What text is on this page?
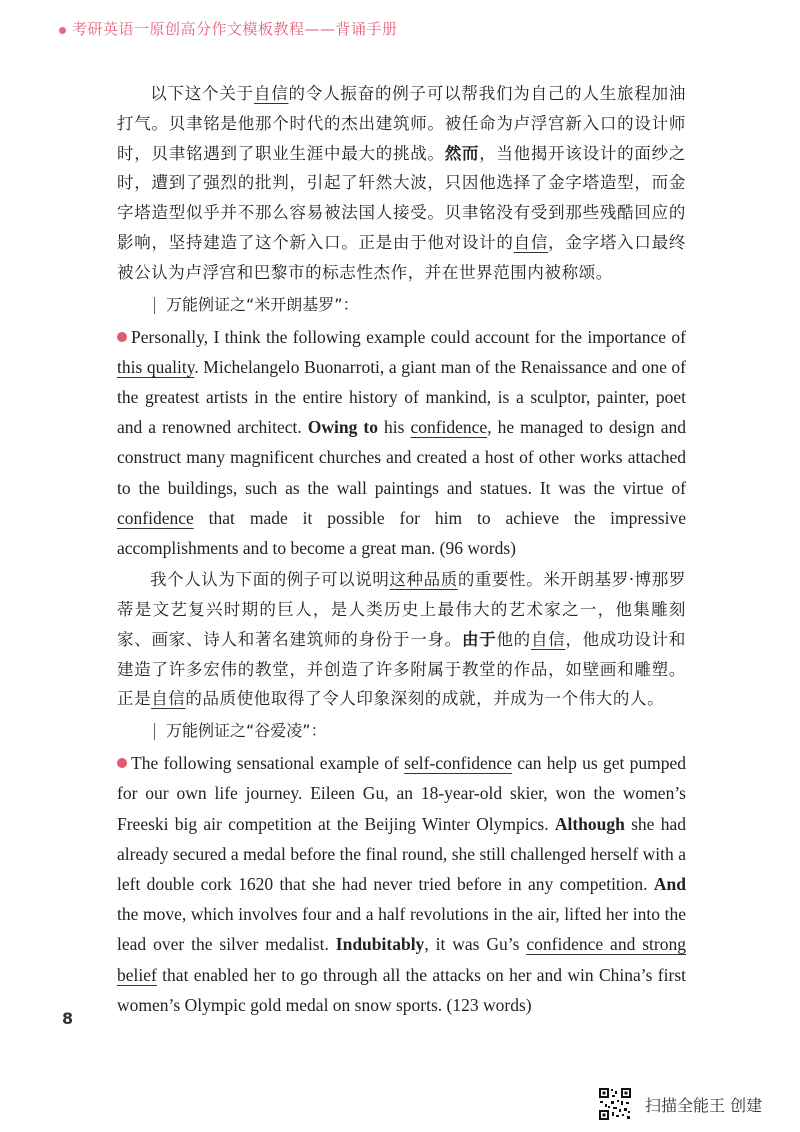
考研英语一原创高分作文模板教程——背诵手册

以下这个关于自信的令人振奋的例子可以帮我们为自己的人生旅程加油打气。贝聿铭是他那个时代的杰出建筑师。被任命为卢浮宫新入口的设计师时，贝聿铭遇到了职业生涯中最大的挑战。然而，当他揭开该设计的面纱之时，遭到了强烈的批判，引起了轩然大波，只因他选择了金字塔造型，而金字塔造型似乎并不那么容易被法国人接受。贝聿铭没有受到那些残酷回应的影响，坚持建造了这个新入口。正是由于他对设计的自信，金字塔入口最终被公认为卢浮宫和巴黎市的标志性杰作，并在世界范围内被称颂。

万能例证之“米开朗基罗”：

Personally, I think the following example could account for the importance of this quality. Michelangelo Buonarroti, a giant man of the Renaissance and one of the greatest artists in the entire history of mankind, is a sculptor, painter, poet and a renowned architect. Owing to his confidence, he managed to design and construct many magnificent churches and created a host of other works attached to the buildings, such as the wall paintings and statues. It was the virtue of confidence that made it possible for him to achieve the impressive accomplishments and to become a great man. (96 words)

我个人认为下面的例子可以说明这种品质的重要性。米开朗基罗·博那罗蒂是文艺复兴时期的巨人，是人类历史上最伟大的艺术家之一，他集雕刻家、画家、诗人和著名建筑师的身份于一身。由于他的自信，他成功设计和建造了许多宏伟的教堂，并创造了许多附属于教堂的作品，如壁画和雕塑。正是自信的品质使他取得了令人印象深刻的成就，并成为一个伟大的人。

万能例证之“谷爱凌”：

The following sensational example of self-confidence can help us get pumped for our own life journey. Eileen Gu, an 18-year-old skier, won the women’s Freeski big air competition at the Beijing Winter Olympics. Although she had already secured a medal before the final round, she still challenged herself with a left double cork 1620 that she had never tried before in any competition. And the move, which involves four and a half revolutions in the air, lifted her into the lead over the silver medalist. Indubitably, it was Gu’s confidence and strong belief that enabled her to go through all the attacks on her and win China’s first women’s Olympic gold medal on snow sports. (123 words)

8
扫描全能王 创建
